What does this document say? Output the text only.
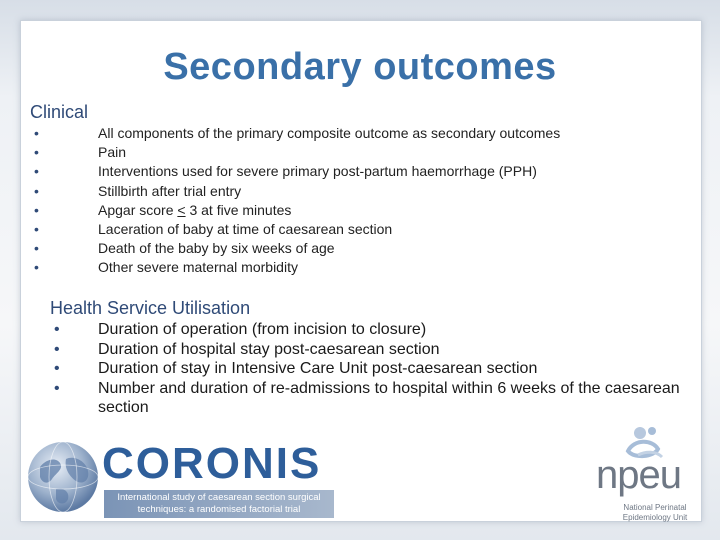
Secondary outcomes
Clinical
•	All components of the primary composite outcome as secondary outcomes
•	Pain
•	Interventions used for severe primary post-partum haemorrhage (PPH)
•	Stillbirth after trial entry
•	Apgar score ≤ 3 at five minutes
•	Laceration of baby at time of caesarean section
•	Death of the baby by six weeks of age
•	Other severe maternal morbidity
Health Service Utilisation
• Duration of operation (from incision to closure)
• Duration of hospital stay post-caesarean section
• Duration of stay in Intensive Care Unit post-caesarean section
• Number and duration of re-admissions to hospital within 6 weeks of the caesarean section
CORONIS
International study of caesarean section surgical techniques: a randomised factorial trial
npeu
National Perinatal Epidemiology Unit
